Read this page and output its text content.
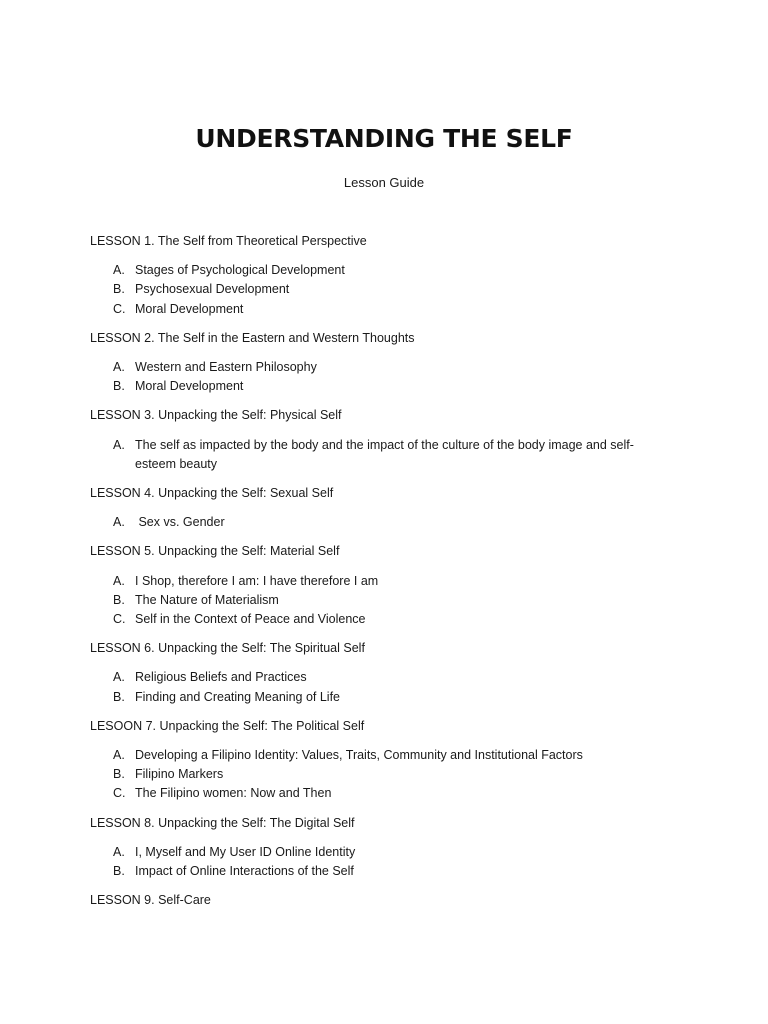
UNDERSTANDING THE SELF
Lesson Guide

LESSON 1. The Self from Theoretical Perspective

A. Stages of Psychological Development
B. Psychosexual Development
C. Moral Development

LESSON 2. The Self in the Eastern and Western Thoughts

A. Western and Eastern Philosophy
B. Moral Development

LESSON 3. Unpacking the Self: Physical Self

A. The self as impacted by the body and the impact of the culture of the body image and self-esteem beauty

LESSON 4. Unpacking the Self: Sexual Self

A. Sex vs. Gender

LESSON 5. Unpacking the Self: Material Self

A. I Shop, therefore I am: I have therefore I am
B. The Nature of Materialism
C. Self in the Context of Peace and Violence

LESSON 6. Unpacking the Self: The Spiritual Self

A. Religious Beliefs and Practices
B. Finding and Creating Meaning of Life

LESOON 7. Unpacking the Self: The Political Self

A. Developing a Filipino Identity: Values, Traits, Community and Institutional Factors
B. Filipino Markers
C. The Filipino women: Now and Then

LESSON 8. Unpacking the Self: The Digital Self

A. I, Myself and My User ID Online Identity
B. Impact of Online Interactions of the Self

LESSON 9. Self-Care
